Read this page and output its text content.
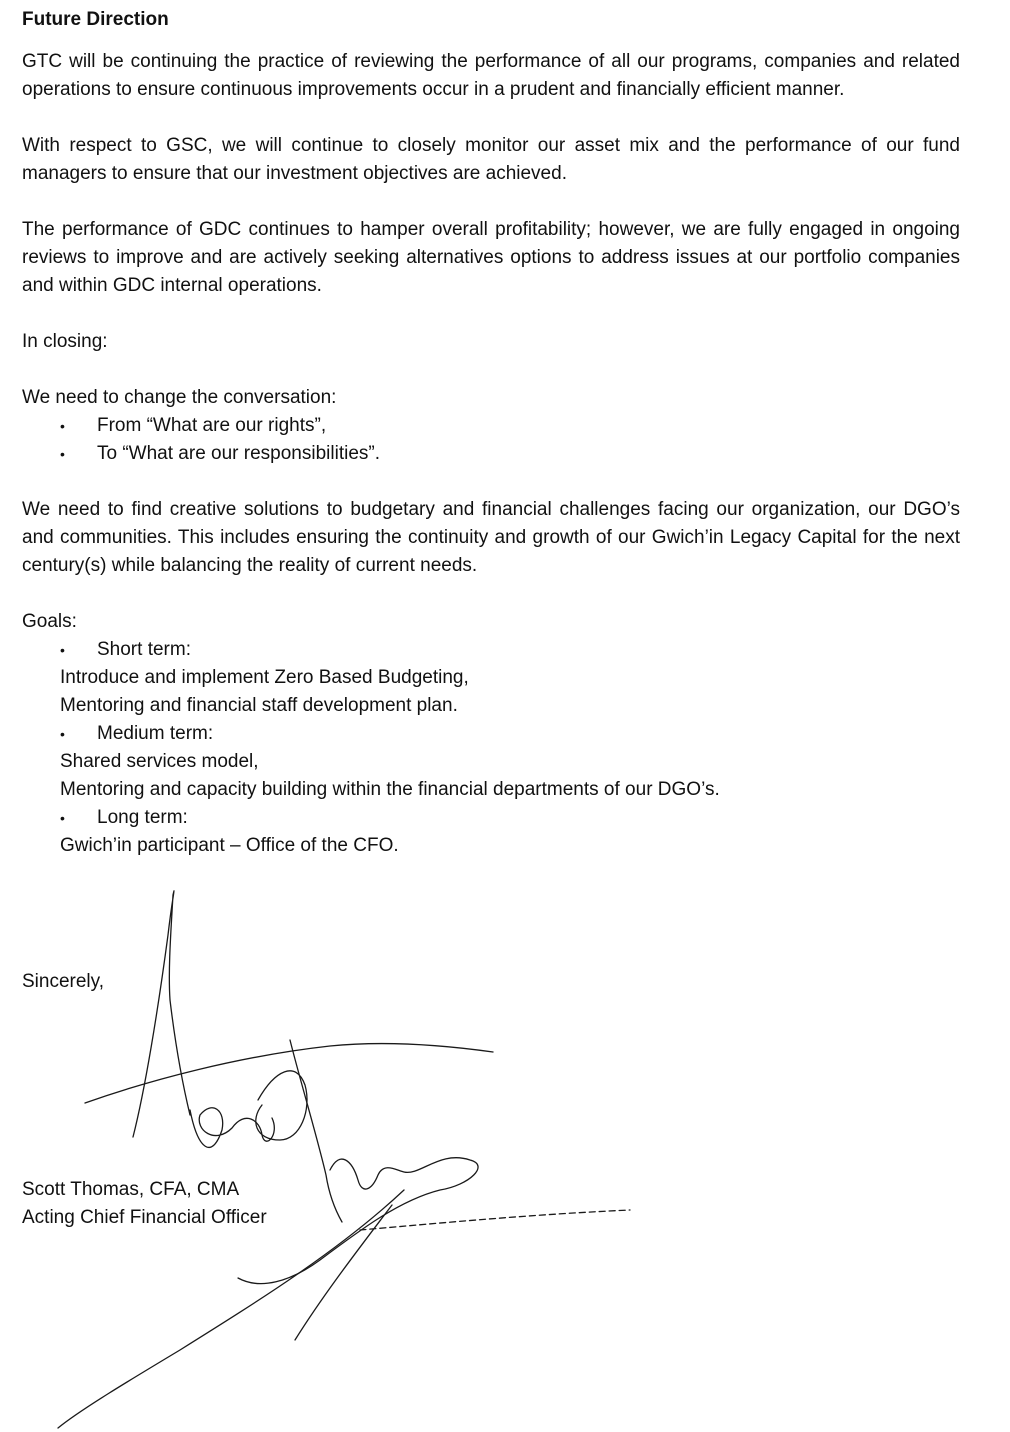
Future Direction

GTC will be continuing the practice of reviewing the performance of all our programs, companies and related operations to ensure continuous improvements occur in a prudent and financially efficient manner.

With respect to GSC, we will continue to closely monitor our asset mix and the performance of our fund managers to ensure that our investment objectives are achieved.

The performance of GDC continues to hamper overall profitability; however, we are fully engaged in ongoing reviews to improve and are actively seeking alternatives options to address issues at our portfolio companies and within GDC internal operations.

In closing:

We need to change the conversation:

• From “What are our rights”,
• To “What are our responsibilities”.

We need to find creative solutions to budgetary and financial challenges facing our organization, our DGO’s and communities. This includes ensuring the continuity and growth of our Gwich’in Legacy Capital for the next century(s) while balancing the reality of current needs.

Goals:
• Short term:
Introduce and implement Zero Based Budgeting,
Mentoring and financial staff development plan.
• Medium term:
Shared services model,
Mentoring and capacity building within the financial departments of our DGO’s.
• Long term:
Gwich’in participant – Office of the CFO.
Sincerely,
Scott Thomas, CFA, CMA
Acting Chief Financial Officer
